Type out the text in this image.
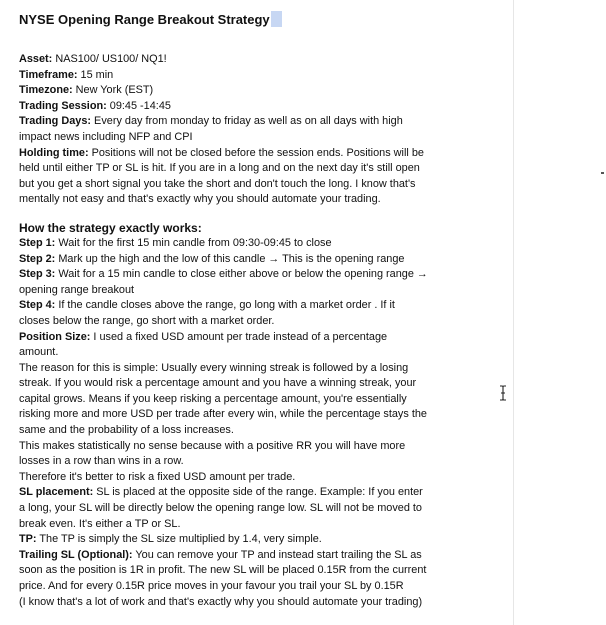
NYSE Opening Range Breakout Strategy
Asset: NAS100/ US100/ NQ1!
Timeframe: 15 min
Timezone: New York (EST)
Trading Session: 09:45 -14:45
Trading Days: Every day from monday to friday as well as on all days with high
impact news including NFP and CPI
Holding time: Positions will not be closed before the session ends. Positions will be
held until either TP or SL is hit. If you are in a long and on the next day it's still open
but you get a short signal you take the short and don't touch the long. I know that's
mentally not easy and that's exactly why you should automate your trading.
How the strategy exactly works:
Step 1: Wait for the first 15 min candle from 09:30-09:45 to close
Step 2: Mark up the high and the low of this candle → This is the opening range
Step 3: Wait for a 15 min candle to close either above or below the opening range →
opening range breakout
Step 4: If the candle closes above the range, go long with a market order . If it
closes below the range, go short with a market order.
Position Size: I used a fixed USD amount per trade instead of a percentage
amount.
The reason for this is simple: Usually every winning streak is followed by a losing
streak. If you would risk a percentage amount and you have a winning streak, your
capital grows. Means if you keep risking a percentage amount, you're essentially
risking more and more USD per trade after every win, while the percentage stays the
same and the probability of a loss increases.
This makes statistically no sense because with a positive RR you will have more
losses in a row than wins in a row.
Therefore it's better to risk a fixed USD amount per trade.
SL placement: SL is placed at the opposite side of the range. Example: If you enter
a long, your SL will be directly below the opening range low. SL will not be moved to
break even. It's either a TP or SL.
TP: The TP is simply the SL size multiplied by 1.4, very simple.
Trailing SL (Optional): You can remove your TP and instead start trailing the SL as
soon as the position is 1R in profit. The new SL will be placed 0.15R from the current
price. And for every 0.15R price moves in your favour you trail your SL by 0.15R
(I know that's a lot of work and that's exactly why you should automate your trading)
